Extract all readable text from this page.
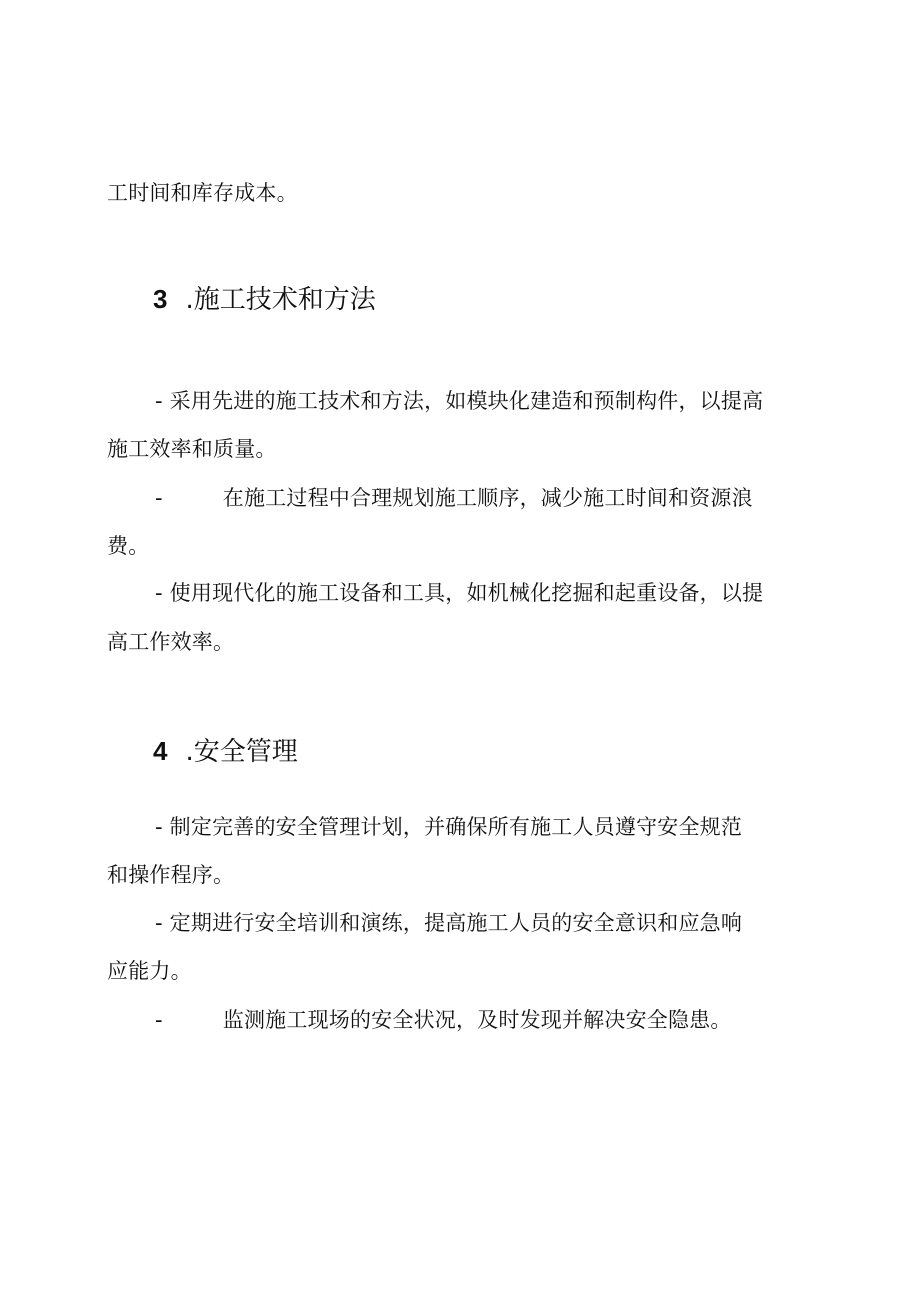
工时间和库存成本。
3 .施工技术和方法
- 采用先进的施工技术和方法，如模块化建造和预制构件，以提高
施工效率和质量。
-	在施工过程中合理规划施工顺序，减少施工时间和资源浪
费。
- 使用现代化的施工设备和工具，如机械化挖掘和起重设备，以提
高工作效率。
4 .安全管理
- 制定完善的安全管理计划，并确保所有施工人员遵守安全规范
和操作程序。
- 定期进行安全培训和演练，提高施工人员的安全意识和应急响
应能力。
-	监测施工现场的安全状况，及时发现并解决安全隐患。
